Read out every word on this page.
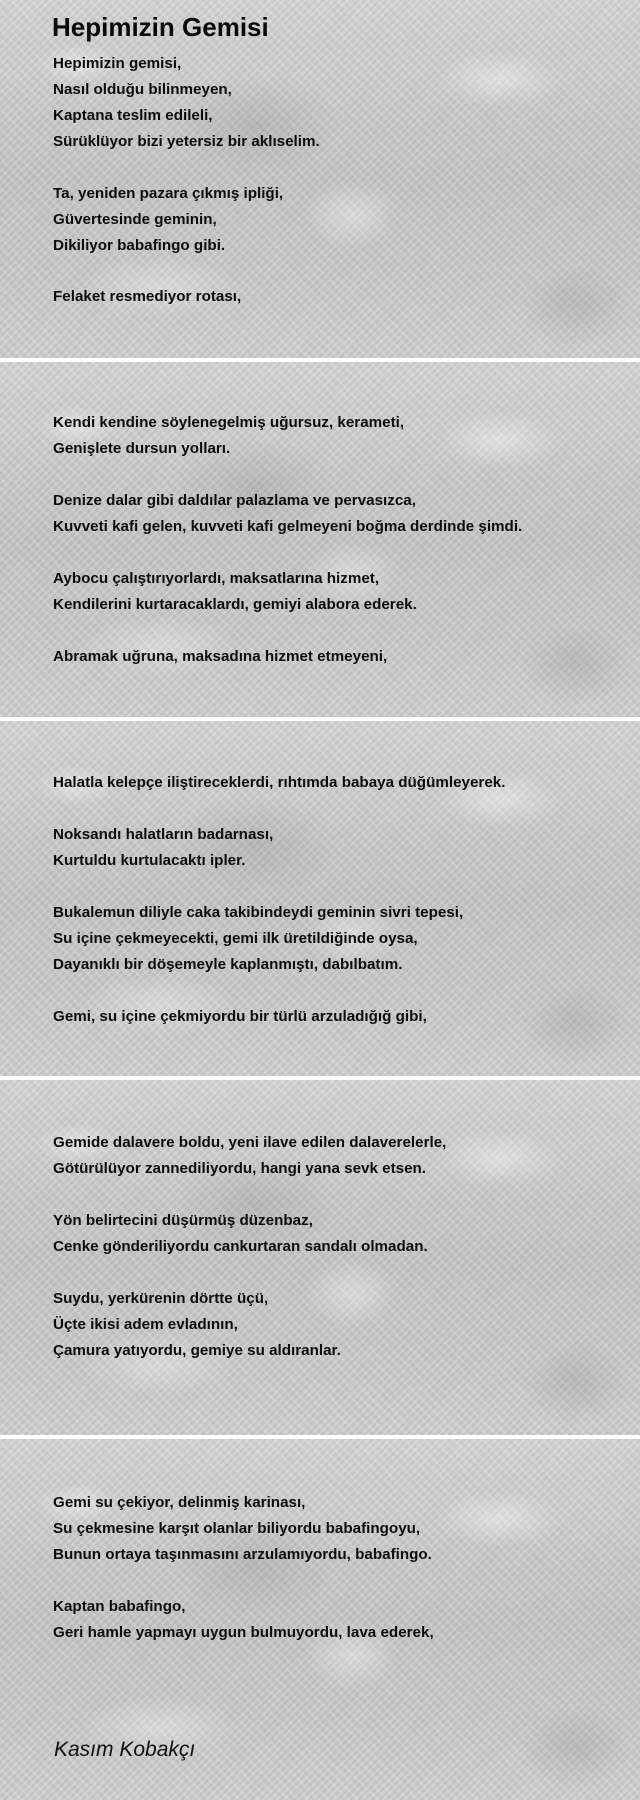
Hepimizin Gemisi
Hepimizin gemisi,
Nasıl olduğu bilinmeyen,
Kaptana teslim edileli,
Sürüklüyor bizi yetersiz bir aklıselim.
Ta, yeniden pazara çıkmış ipliği,
Güvertesinde geminin,
Dikiliyor babafingo gibi.
Felaket resmediyor rotası,
Kendi kendine söylenegelmiş uğursuz, kerameti,
Genişlete dursun yolları.
Denize dalar gibi daldılar palazlama ve pervasızca,
Kuvveti kafi gelen, kuvveti kafi gelmeyeni boğma derdinde şimdi.
Aybocu çalıştırıyorlardı, maksatlarına hizmet,
Kendilerini kurtaracaklardı, gemiyi alabora ederek.
Abramak uğruna, maksadına hizmet etmeyeni,
Halatla kelepçe iliştireceklerdi, rıhtımda babaya düğümleyerek.
Noksandı halatların badarnası,
Kurtuldu kurtulacaktı ipler.
Bukalemun diliyle caka takibindeydi geminin sivri tepesi,
Su içine çekmeyecekti, gemi ilk üretildiğinde oysa,
Dayanıklı bir döşemeyle kaplanmıştı, dabılbatım.
Gemi, su içine çekmiyordu bir türlü arzuladığığ gibi,
Gemide dalavere boldu, yeni ilave edilen dalaverelerle,
Götürülüyor zannediliyordu, hangi yana sevk etsen.
Yön belirtecini düşürmüş düzenbaz,
Cenke gönderiliyordu cankurtaran sandalı olmadan.
Suydu, yerkürenin dörtte üçü,
Üçte ikisi adem evladının,
Çamura yatıyordu, gemiye su aldıranlar.
Gemi su çekiyor, delinmiş karinası,
Su çekmesine karşıt olanlar biliyordu babafingoyu,
Bunun ortaya taşınmasını arzulamıyordu, babafingo.
Kaptan babafingo,
Geri hamle yapmayı uygun bulmuyordu, lava ederek,
Kasım Kobakçı
